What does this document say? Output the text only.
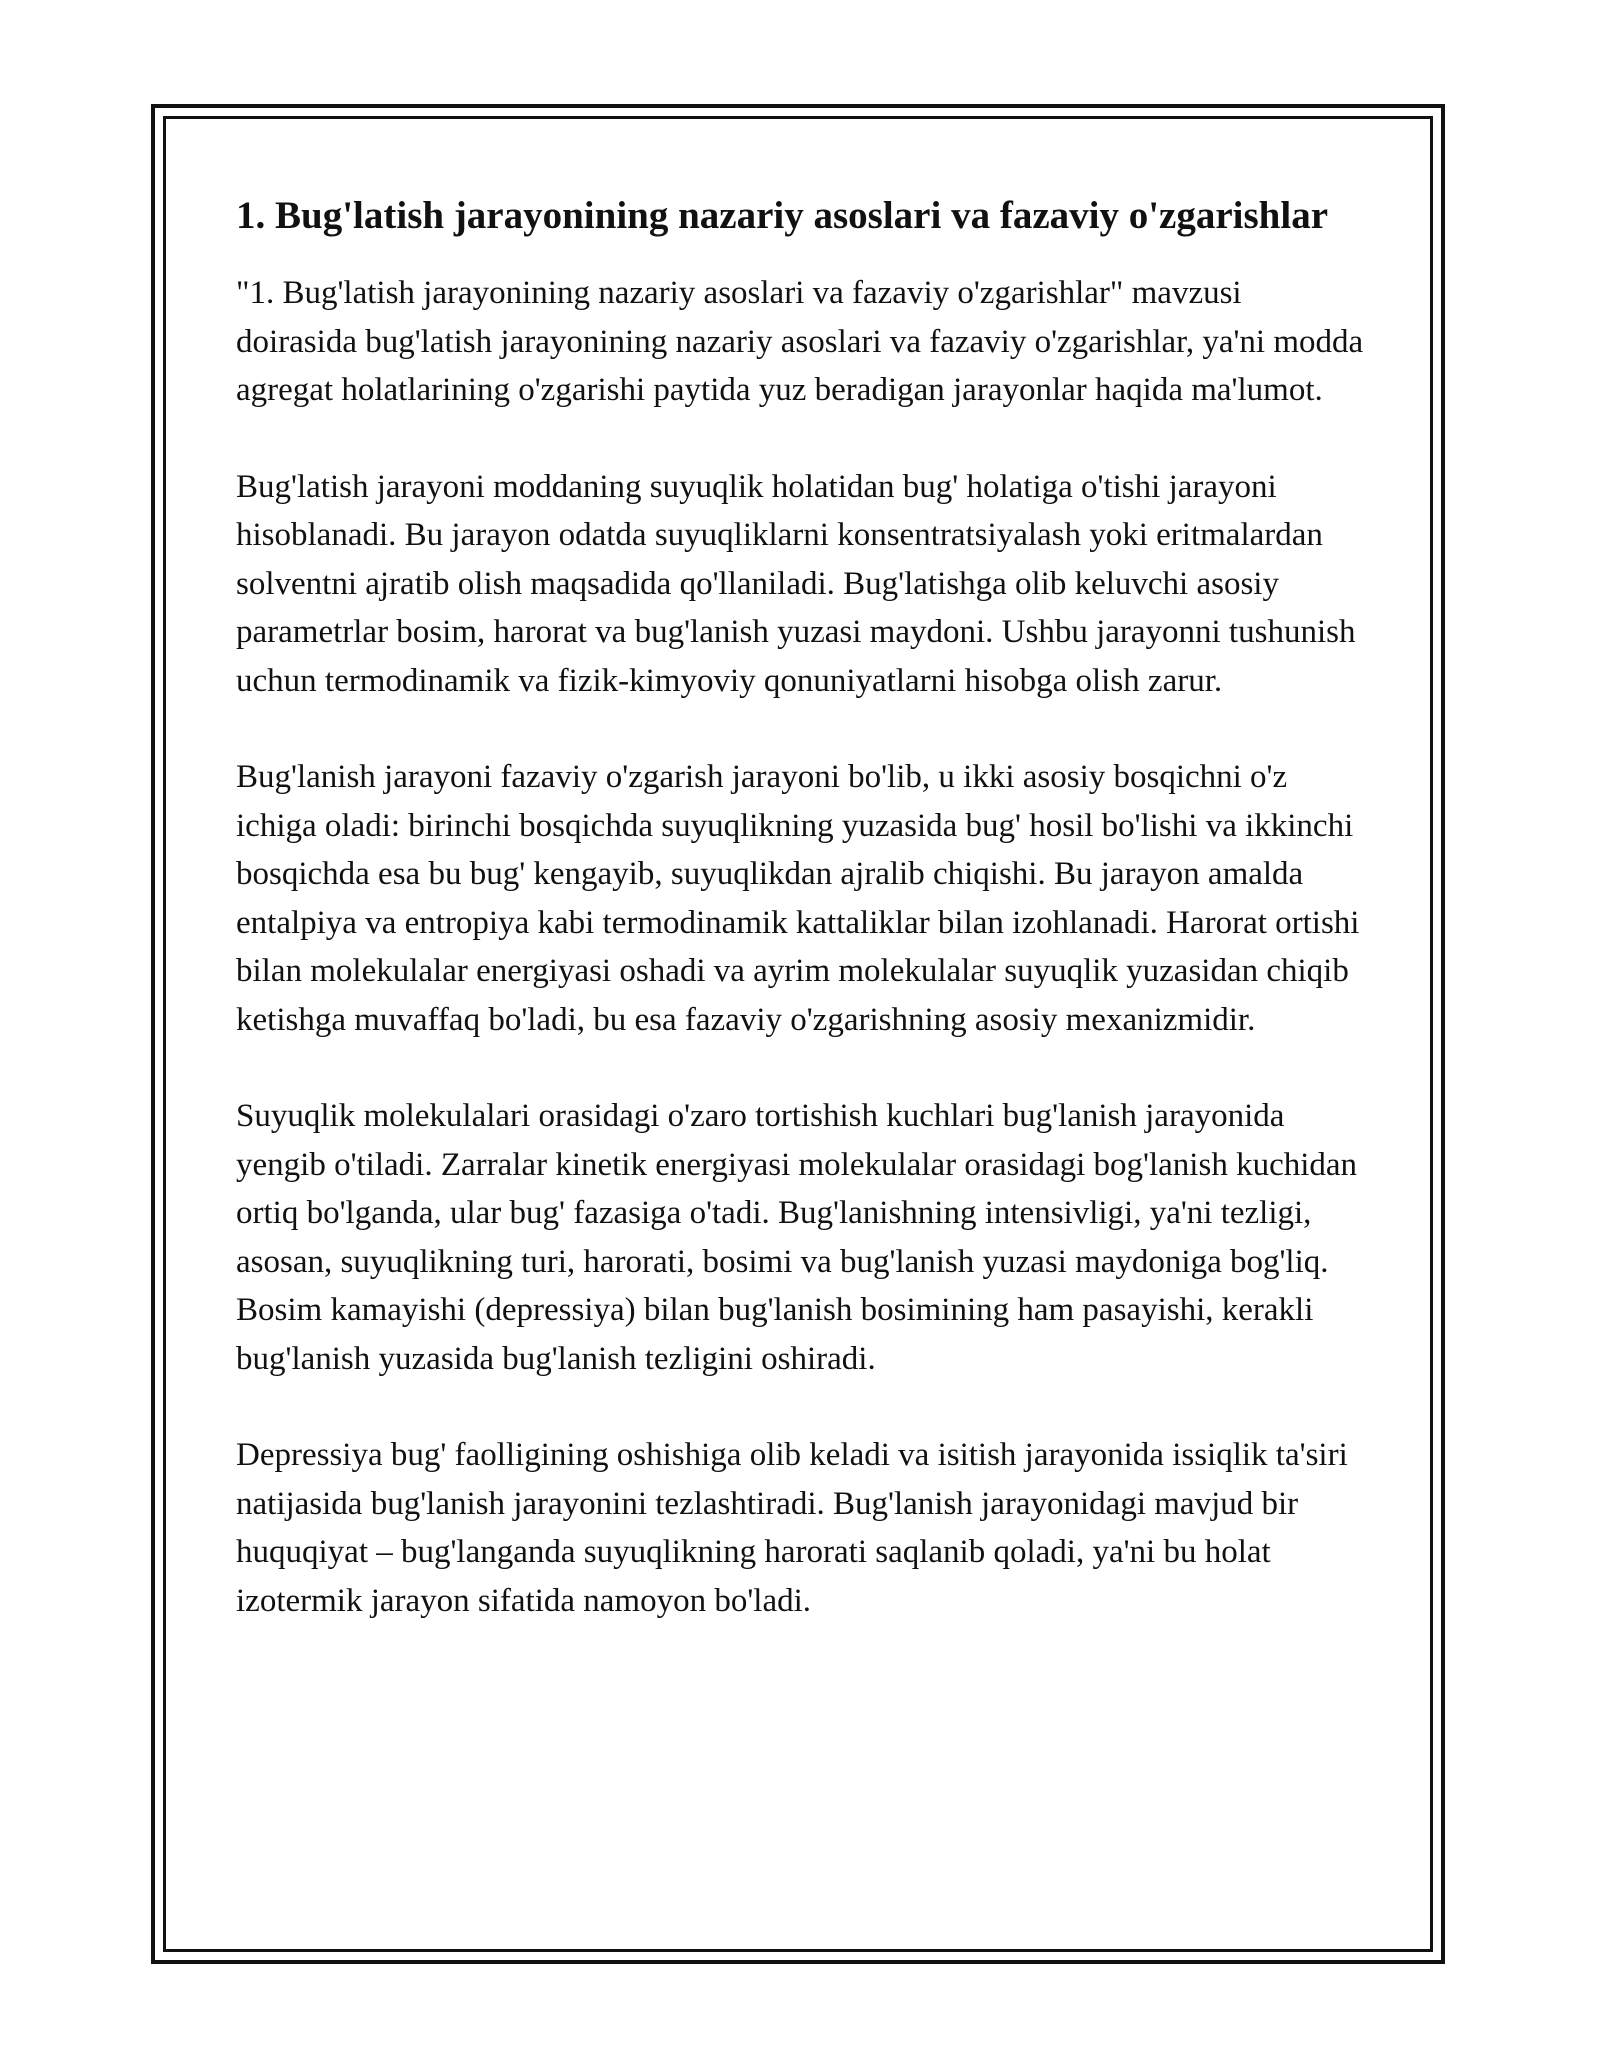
1. Bug'latish jarayonining nazariy asoslari va fazaviy o'zgarishlar

"1. Bug'latish jarayonining nazariy asoslari va fazaviy o'zgarishlar" mavzusi doirasida bug'latish jarayonining nazariy asoslari va fazaviy o'zgarishlar, ya'ni modda agregat holatlarining o'zgarishi paytida yuz beradigan jarayonlar haqida ma'lumot.

Bug'latish jarayoni moddaning suyuqlik holatidan bug' holatiga o'tishi jarayoni hisoblanadi. Bu jarayon odatda suyuqliklarni konsentratsiyalash yoki eritmalardan solventni ajratib olish maqsadida qo'llaniladi. Bug'latishga olib keluvchi asosiy parametrlar bosim, harorat va bug'lanish yuzasi maydoni. Ushbu jarayonni tushunish uchun termodinamik va fizik-kimyoviy qonuniyatlarni hisobga olish zarur.

Bug'lanish jarayoni fazaviy o'zgarish jarayoni bo'lib, u ikki asosiy bosqichni o'z ichiga oladi: birinchi bosqichda suyuqlikning yuzasida bug' hosil bo'lishi va ikkinchi bosqichda esa bu bug' kengayib, suyuqlikdan ajralib chiqishi. Bu jarayon amalda entalpiya va entropiya kabi termodinamik kattaliklar bilan izohlanadi. Harorat ortishi bilan molekulalar energiyasi oshadi va ayrim molekulalar suyuqlik yuzasidan chiqib ketishga muvaffaq bo'ladi, bu esa fazaviy o'zgarishning asosiy mexanizmidir.

Suyuqlik molekulalari orasidagi o'zaro tortishish kuchlari bug'lanish jarayonida yengib o'tiladi. Zarralar kinetik energiyasi molekulalar orasidagi bog'lanish kuchidan ortiq bo'lganda, ular bug' fazasiga o'tadi. Bug'lanishning intensivligi, ya'ni tezligi, asosan, suyuqlikning turi, harorati, bosimi va bug'lanish yuzasi maydoniga bog'liq. Bosim kamayishi (depressiya) bilan bug'lanish bosimining ham pasayishi, kerakli bug'lanish yuzasida bug'lanish tezligini oshiradi.

Depressiya bug' faolligining oshishiga olib keladi va isitish jarayonida issiqlik ta'siri natijasida bug'lanish jarayonini tezlashtiradi. Bug'lanish jarayonidagi mavjud bir huquqiyat – bug'langanda suyuqlikning harorati saqlanib qoladi, ya'ni bu holat izotermik jarayon sifatida namoyon bo'ladi.
